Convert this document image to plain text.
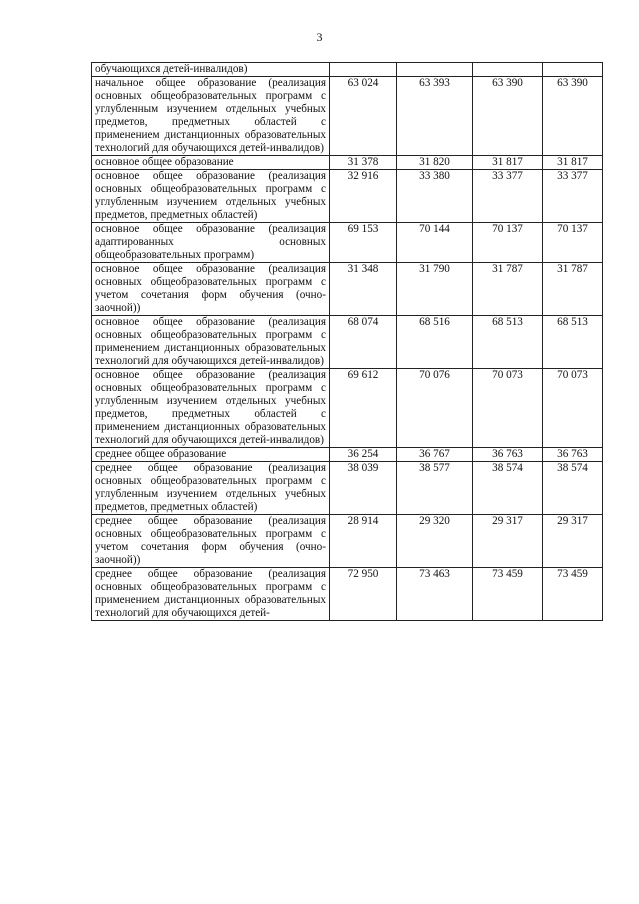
3
обучающихся детей-инвалидов)				
начальное общее образование (реализация основных общеобразовательных программ с углубленным изучением отдельных учебных предметов, предметных областей с применением дистанционных образовательных технологий для обучающихся детей-инвалидов)	63 024	63 393	63 390	63 390
основное общее образование	31 378	31 820	31 817	31 817
основное общее образование (реализация основных общеобразовательных программ с углубленным изучением отдельных учебных предметов, предметных областей)	32 916	33 380	33 377	33 377
основное общее образование (реализация адаптированных основных общеобразовательных программ)	69 153	70 144	70 137	70 137
основное общее образование (реализация основных общеобразовательных программ с учетом сочетания форм обучения (очно-заочной))	31 348	31 790	31 787	31 787
основное общее образование (реализация основных общеобразовательных программ с применением дистанционных образовательных технологий для обучающихся детей-инвалидов)	68 074	68 516	68 513	68 513
основное общее образование (реализация основных общеобразовательных программ с углубленным изучением отдельных учебных предметов, предметных областей с применением дистанционных образовательных технологий для обучающихся детей-инвалидов)	69 612	70 076	70 073	70 073
среднее общее образование	36 254	36 767	36 763	36 763
среднее общее образование (реализация основных общеобразовательных программ с углубленным изучением отдельных учебных предметов, предметных областей)	38 039	38 577	38 574	38 574
среднее общее образование (реализация основных общеобразовательных программ с учетом сочетания форм обучения (очно-заочной))	28 914	29 320	29 317	29 317
среднее общее образование (реализация основных общеобразовательных программ с применением дистанционных образовательных технологий для обучающихся детей-	72 950	73 463	73 459	73 459
